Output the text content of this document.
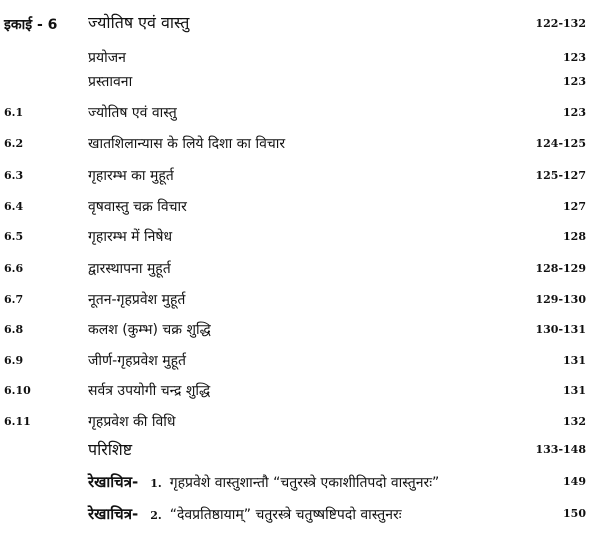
इकाई - 6 ज्योतिष एवं वास्तु	122-132
प्रयोजन	123
प्रस्तावना	123
6.1	ज्योतिष एवं वास्तु	123
6.2	खातशिलान्यास के लिये दिशा का विचार	124-125
6.3	गृहारम्भ का मुहूर्त	125-127
6.4	वृषवास्तु चक्र विचार	127
6.5	गृहारम्भ में निषेध	128
6.6	द्वारस्थापना मुहूर्त	128-129
6.7	नूतन-गृहप्रवेश मुहूर्त	129-130
6.8	कलश (कुम्भ) चक्र शुद्धि	130-131
6.9	जीर्ण-गृहप्रवेश मुहूर्त	131
6.10	सर्वत्र उपयोगी चन्द्र शुद्धि	131
6.11	गृहप्रवेश की विधि	132
परिशिष्ट	133-148
रेखाचित्र- 1. गृहप्रवेशे वास्तुशान्तौ “चतुरस्त्रे एकाशीतिपदो वास्तुनरः”	149
रेखाचित्र- 2. “देवप्रतिष्ठायाम्” चतुरस्त्रे चतुष्षष्टिपदो वास्तुनरः	150
